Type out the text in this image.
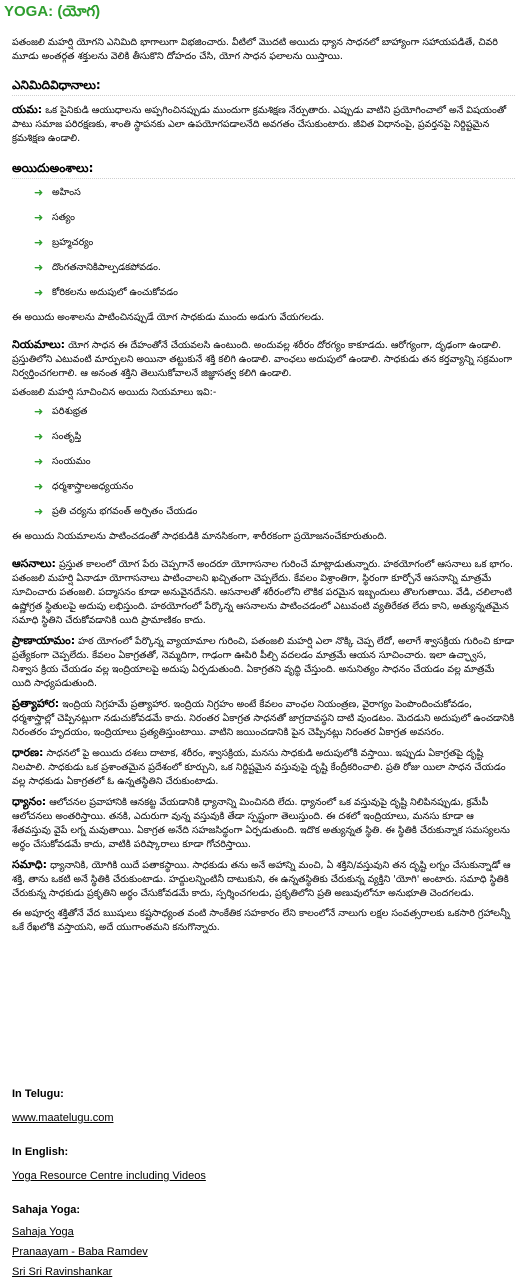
YOGA: (యోగ)

పతంజలి మహర్షి యోగని ఎనిమిది భాగాలుగా విభజించారు. వీటిలో మొదటి అయిదు ధ్యాన సాధనలో బాహ్యాంగా సహాయపడితే, చివరి మూడు అంతర్గత శక్తులను వెలికి తీసుకొని దోహదం చేసి, యోగ సాధన ఫలాలను యిస్తాయి.

ఎనిమిదివిధానాలు:

యమ: ఒక సైనికుడి ఆయుధాలను అప్పగించినప్పుడు ముందుగా క్రమశిక్షణ నేర్పుతారు. ఎప్పుడు వాటిని ప్రయోగించాలో అనే విషయంతో పాటు సమాజ పరిరక్షణకు, శాంతి స్థాపనకు ఎలా ఉపయోగపడాలనేది అవగతం చేసుకుంటారు. జీవిత విధానంపై, ప్రవర్తనపై నిర్దిష్టమైన క్రమశిక్షణ ఉండాలి.

అయిదుఅంశాలు:

➜ అహింస
➜ సత్యం
➜ బ్రహ్మచర్యం
➜ దొంగతనానికిపాల్పడకపోవడం.
➜ కోరికలను అదుపులో ఉంచుకోవడం

ఈ అయిదు అంశాలను పాటించినప్పుడే యోగ సాధకుడు ముందు అడుగు వేయగలడు.

నియమాలు: యోగ సాధన ఈ దేహంతోనే చేయవలసి ఉంటుంది. అందువల్ల శరీరం దోరగ్యం కాకూడదు. ఆరోగ్యంగా, దృఢంగా ఉండాలి. ప్రస్తుతిలోని ఎటువంటి మార్పులని అయినా తట్టుకునే శక్తి కలిగి ఉండాలి. వాంఛలు అదుపులో ఉండాలి. సాధకుడు తన కర్తవ్యాన్ని సక్రమంగా నిర్వర్తించగలగాలి. ఆ అనంత శక్తిని తెలుసుకోవాలనే జిజ్ఞాసత్వ కలిగి ఉండాలి.

పతంజలి మహర్షి సూచించిన అయిదు నియమాలు ఇవి:-

➜ పరిశుభ్రత
➜ సంతృప్తి
➜ సంయమం
➜ ధర్మశాస్త్రాలఅధ్యయనం
➜ ప్రతి చర్యను భగవంత్ అర్పితం చేయడం

ఈ అయిదు నియమాలను పాటించడంతో సాధకుడికి మానసికంగా, శారీరకంగా ప్రయోజనంచేకూరుతుంది.

ఆసనాలు: ప్రస్తుత కాలంలో యోగ పేరు చెప్పగానే అందరూ యోగాసనాల గురించే మాట్లాడుతున్నారు. హఠయోగంలో ఆసనాలు ఒక భాగం. పతంజలి మహర్షి ఏనాడూ యోగాసనాలు పాటించాలని ఖచ్చితంగా చెప్పలేదు. కేవలం విశ్రాంతిగా, స్థిరంగా కూర్చోనే ఆసనాన్ని మాత్రమే సూచించారు పతంజలి. పద్మాసనం కూడా అనువైనదేనని. ఆసనాలతో శరీరంలోని లౌకిక పరమైన ఇబ్బందులు తొలగుతాయి. వేడి, చలిలాంటి ఉష్ణోగ్రత స్థితులపై అదుపు లభిస్తుంది. హఠయోగంలో పేర్కొన్న ఆసనాలను పాటించడంలో ఎటువంటి వ్యతిరేకత లేదు కాని, అత్యున్నతమైన సమాధి స్థితిని చేరుకోవడానికి యిది ప్రామాణికం కాదు.

ప్రాణాయామం: హఠ యోగంలో పేర్కొన్న వ్యాయామాల గురించి, పతంజలి మహర్షి ఎలా నొక్కి చెప్ప లేదో, అలాగే శ్వాసక్రియ గురించి కూడా ప్రత్యేకంగా చెప్పలేదు. కేవలం ఏకాగ్రతతో, నెమ్మదిగా, గాఢంగా ఊపిరి పీల్చి వదలడం మాత్రమే ఆయన సూచించారు. ఇలా ఉచ్ఛ్వాస, నిశ్వాస క్రియ చేయడం వల్ల ఇంద్రియాలపై అదుపు ఏర్పడుతుంది. ఏకాగ్రతని వృద్ధి చేస్తుంది. అనునిత్యం సాధనం చేయడం వల్ల మాత్రమే యిది సాధ్యపడుతుంది.

ప్రత్యాహార: ఇంద్రియ నిగ్రహమే ప్రత్యాహార. ఇంద్రియ నిగ్రహం అంటే కేవలం వాంఛల నియంత్రణ, వైరాగ్యం పెంపొందించుకోవడం, ధర్మశాస్త్రాల్లో చెప్పినట్లుగా నడుచుకోవడమే కాదు. నిరంతర ఏకాగ్రత సాధనతో జాగ్రదావస్థని దాటి వుండటం. మెదడుని అదుపులో ఉంచడానికి నిరంతరం హృదయం, ఇంద్రియాలు ప్రత్యతిస్తుంటాయి. వాటిని జయించడానికి పైన చెప్పినట్లు నిరంతర ఏకాగ్రత అవసరం.

ధారణ: సాధనలో పై అయిదు దశలు దాటాక, శరీరం, శ్వాసక్రియ, మనసు సాధకుడి అదుపులోకి వస్తాయి. ఇప్పుడు ఏకాగ్రతపై దృష్టి నిలపాలి. సాధకుడు ఒక ప్రశాంతమైన ప్రదేశంలో కూర్చుని, ఒక నిర్దిష్టమైన వస్తువుపై దృష్టి కేంద్రీకరించాలి. ప్రతి రోజు యిలా సాధన చేయడం వల్ల సాధకుడు ఏకాగ్రతలో ఓ ఉన్నతస్థితిని చేరుకుంటాడు.

ధ్యానం: ఆలోచనల ప్రవాహానికి ఆనకట్ట వేయడానికి ధ్యానాన్ని మించినది లేదు. ధ్యానంలో ఒక వస్తువుపై దృష్టి నిలిపినప్పుడు, క్రమేపీ ఆలోచనలు అంతరిస్తాయి. తనకి, ఎదురుగా వున్న వస్తువుకి తేడా స్పష్టంగా తెలుస్తుంది. ఈ దశలో ఇంద్రియాలు, మనసు కూడా ఆ శేతవస్తువు వైపే లగ్న మవుతాయి. ఏకాగ్రత అనేది సహజసిద్ధంగా ఏర్పడుతుంది. ఇదొక అత్యున్నత స్థితి. ఈ స్థితికి చేరుకున్నాక సమస్యలను అర్థం చేసుకోవడమే కాదు, వాటికి పరిష్కారాలు కూడా గోచరిస్తాయి.

సమాధి: ధ్యానానికి, యోగికి యిదే పతాకస్థాయి. సాధకుడు తను అనే అహాన్ని మంచి, ఏ శక్తిని/వస్తువుని తన దృష్టి లగ్నం చేసుకున్నాడో ఆ శక్తి, తాను ఒకటి అనే స్థితికి చేరుకుంటాడు. హద్దులన్నింటినీ దాటుకుని, ఈ ఉన్నతస్థితికు చేరుకున్న వ్యక్తిని 'యోగి' అంటారు. సమాధి స్థితికి చేరుకున్న సాధకుడు ప్రకృతిని అర్థం చేసుకోవడమే కాదు, స్పర్శించగలడు, ప్రకృతిలోని ప్రతి అణువులోనూ అనుభూతి చెందగలడు.

ఈ అపూర్వ శక్తితోనే వేద ఋషులు కష్టసాధ్యంత వంటి సాంకేతిక సహకారం లేని కాలంలోనే నాలుగు లక్షల సంవత్సరాలకు ఒకసారి గ్రహాలన్నీ ఒకే రేఖలోకి వస్తాయని, అదే యుగాంతమని కనుగొన్నారు.

In Telugu:

www.maatelugu.com

In English:

Yoga Resource Centre including Videos

Sahaja Yoga:

Sahaja Yoga
Pranaayam - Baba Ramdev
Sri Sri Ravinshankar
